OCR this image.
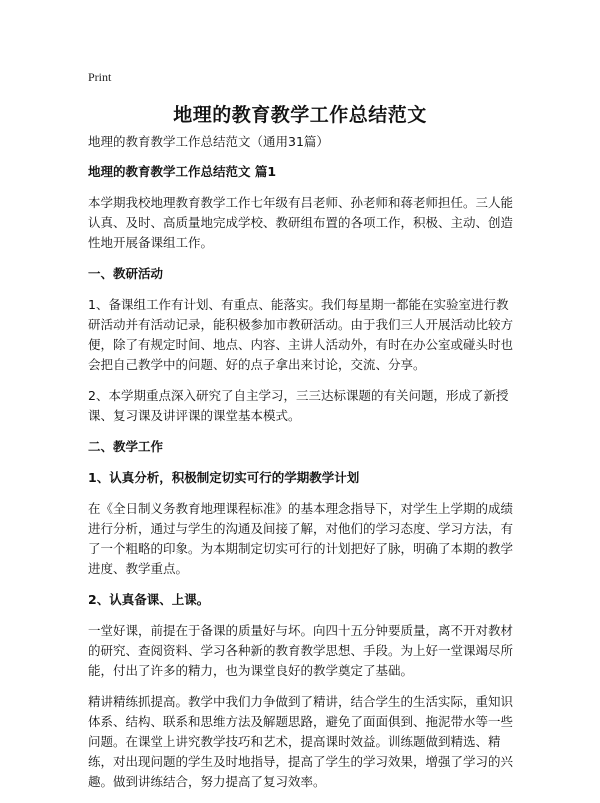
Print
地理的教育教学工作总结范文

地理的教育教学工作总结范文（通用31篇）

地理的教育教学工作总结范文 篇1

本学期我校地理教育教学工作七年级有吕老师、孙老师和蒋老师担任。三人能认真、及时、高质量地完成学校、教研组布置的各项工作，积极、主动、创造性地开展备课组工作。

一、教研活动

1、备课组工作有计划、有重点、能落实。我们每星期一都能在实验室进行教研活动并有活动记录，能积极参加市教研活动。由于我们三人开展活动比较方便，除了有规定时间、地点、内容、主讲人活动外，有时在办公室或碰头时也会把自己教学中的问题、好的点子拿出来讨论，交流、分享。

2、本学期重点深入研究了自主学习，三三达标课题的有关问题，形成了新授课、复习课及讲评课的课堂基本模式。

二、教学工作

1、认真分析，积极制定切实可行的学期教学计划

在《全日制义务教育地理课程标准》的基本理念指导下，对学生上学期的成绩进行分析，通过与学生的沟通及间接了解，对他们的学习态度、学习方法，有了一个粗略的印象。为本期制定切实可行的计划把好了脉，明确了本期的教学进度、教学重点。

2、认真备课、上课。

一堂好课，前提在于备课的质量好与坏。向四十五分钟要质量，离不开对教材的研究、查阅资料、学习各种新的教育教学思想、手段。为上好一堂课竭尽所能，付出了许多的精力，也为课堂良好的教学奠定了基础。

精讲精练抓提高。教学中我们力争做到了精讲，结合学生的生活实际，重知识体系、结构、联系和思维方法及解题思路，避免了面面俱到、拖泥带水等一些问题。在课堂上讲究教学技巧和艺术，提高课时效益。训练题做到精选、精练，对出现问题的学生及时地指导，提高了学生的学习效果，增强了学习的兴趣。做到讲练结合，努力提高了复习效率。
